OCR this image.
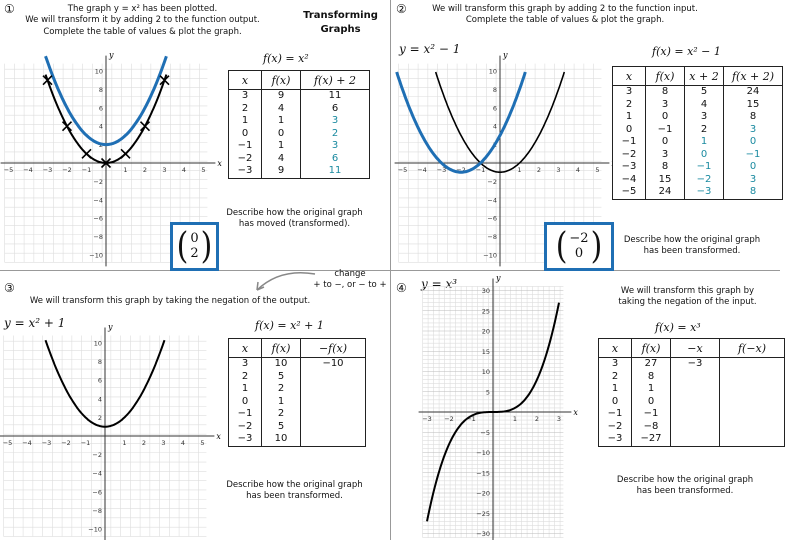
①	The graph y = x² has been plotted.
We will transform it by adding 2 to the function output.
Complete the table of values & plot the graph.
Transforming
Graphs
x
y
−5 −4 −3 −2 −1	1 2 3 4 5
10
8
6
4
2
−2
−4
−6
−8
−10
f(x) = x²
x	f(x)	f(x) + 2
3	9	11
2	4	6
1	1	3
0	0	2
−1	1	3
−2	4	6
−3	9	11
Describe how the original graph
has moved (transformed).
( 0
2 )
②	We will transform this graph by adding 2 to the function input.
Complete the table of values & plot the graph.
y = x² − 1	y
−5 −4 −3 −2 −1	1 2 3 4 5
10
8
6
4
2
−2
−4
−6
−8
−10
f(x) = x² − 1
x	f(x)	x + 2	f(x + 2)
3	8	5	24
2	3	4	15
1	0	3	8
0	−1	2	3
−1	0	1	0
−2	3	0	−1
−3	8	−1	0
−4	15	−2	3
−5	24	−3	8
Describe how the original graph
has been transformed.
( −2
0 )
③
change
+ to −, or − to +
We will transform this graph by taking the negation of the output.
y = x² + 1
x
y
−5 −4 −3 −2 −1	1 2 3 4 5
10
8
6
4
2
−2
−4
−6
−8
−10
f(x) = x² + 1
x	f(x)	−f(x)
3	10	−10
2	5	
1	2	
0	1	
−1	2	
−2	5	
−3	10	
Describe how the original graph
has been transformed.
④ y = x³
x
y
−3 −2 −1	1	2	3
30
25
20
15
10
5
−5
−10
−15
−20
−25
−30
We will transform this graph by
taking the negation of the input.
f(x) = x³
x	f(x)	−x	f(−x)
3	27	−3	
2	8		
1	1		
0	0		
−1	−1		
−2	−8		
−3	−27		
Describe how the original graph
has been transformed.
